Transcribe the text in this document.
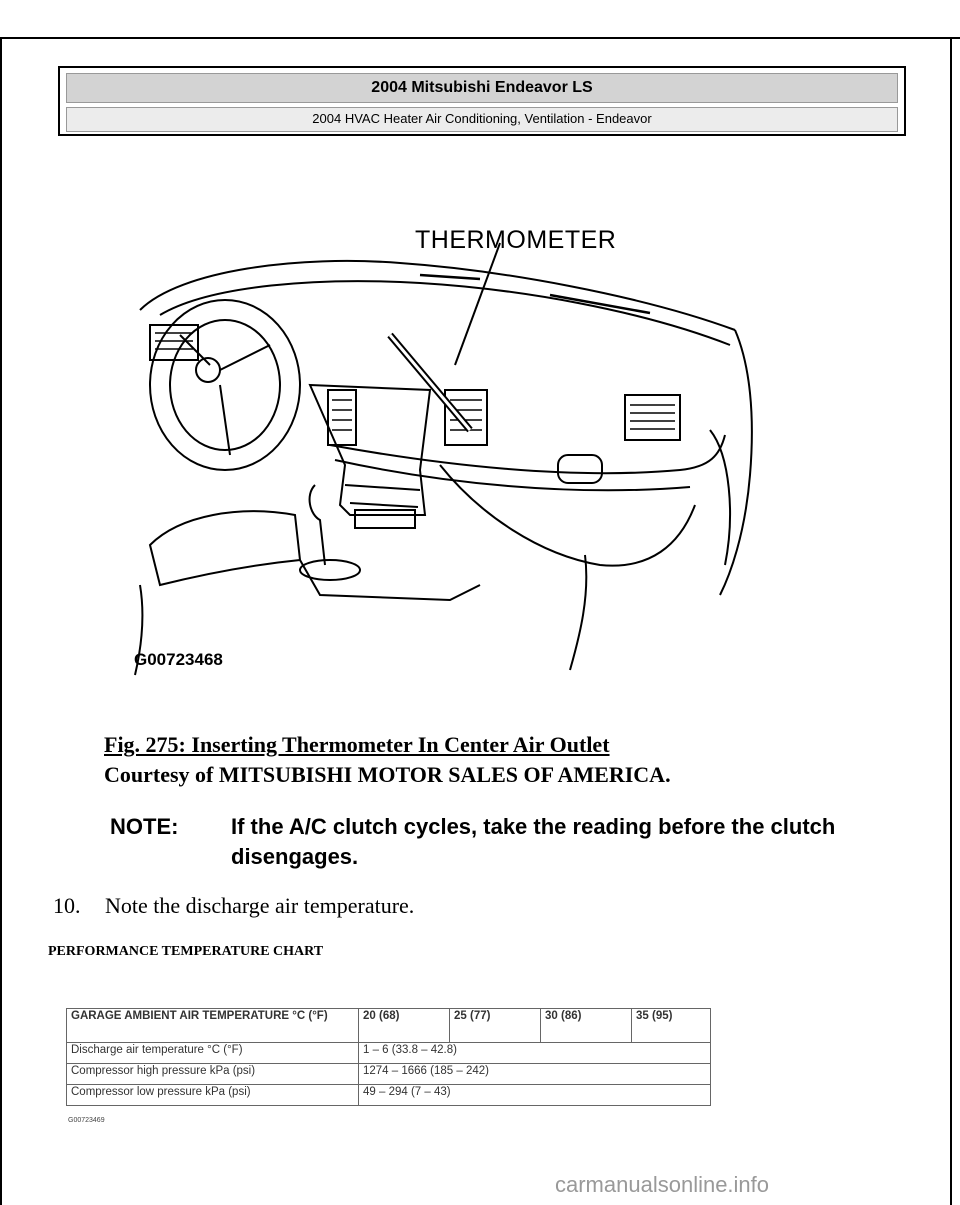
2004 Mitsubishi Endeavor LS
2004 HVAC Heater Air Conditioning, Ventilation - Endeavor
THERMOMETER
G00723468
Fig. 275: Inserting Thermometer In Center Air Outlet
Courtesy of MITSUBISHI MOTOR SALES OF AMERICA.
NOTE:	If the A/C clutch cycles, take the reading before the clutch disengages.
10. Note the discharge air temperature.
PERFORMANCE TEMPERATURE CHART
GARAGE AMBIENT AIR TEMPERATURE °C (°F)	20 (68)	25 (77)	30 (86)	35 (95)
Discharge air temperature °C (°F)	1 – 6 (33.8 – 42.8)			
Compressor high pressure kPa (psi)	1274 – 1666 (185 – 242)			
Compressor low pressure kPa (psi)	49 – 294 (7 – 43)			
G00723469
carmanualsonline.info
